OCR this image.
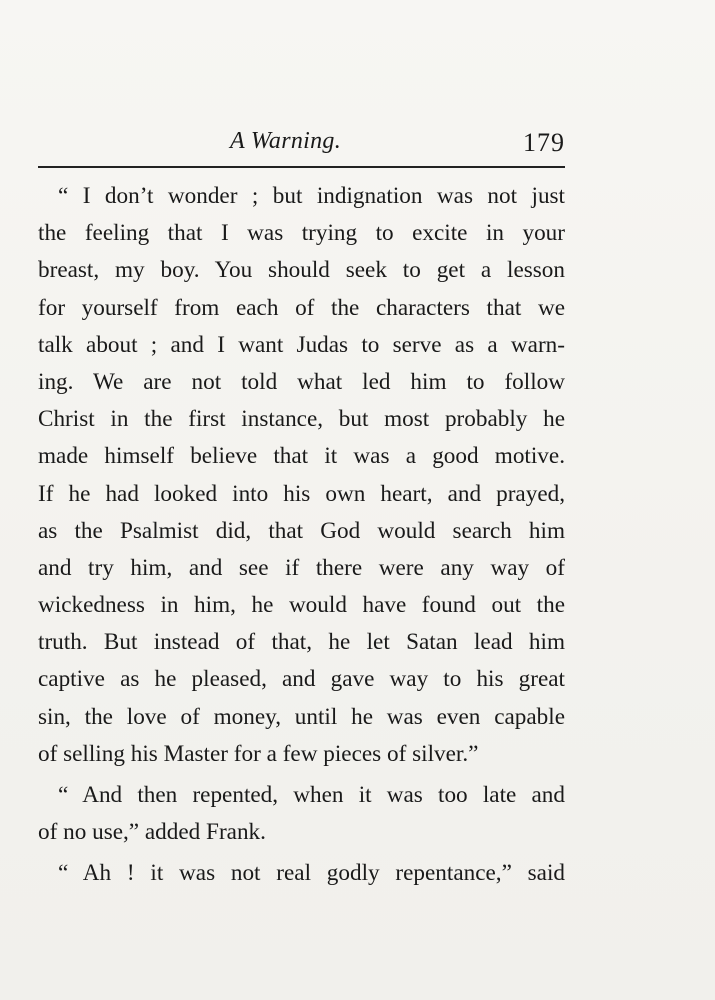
A Warning.	179
“ I don’t wonder ; but indignation was not just
the feeling that I was trying to excite in your
breast, my boy. You should seek to get a lesson
for yourself from each of the characters that we
talk about ; and I want Judas to serve as a warn-
ing. We are not told what led him to follow
Christ in the first instance, but most probably he
made himself believe that it was a good motive.
If he had looked into his own heart, and prayed,
as the Psalmist did, that God would search him
and try him, and see if there were any way of
wickedness in him, he would have found out the
truth. But instead of that, he let Satan lead him
captive as he pleased, and gave way to his great
sin, the love of money, until he was even capable
of selling his Master for a few pieces of silver.”
“ And then repented, when it was too late and
of no use,” added Frank.
“ Ah ! it was not real godly repentance,” said
